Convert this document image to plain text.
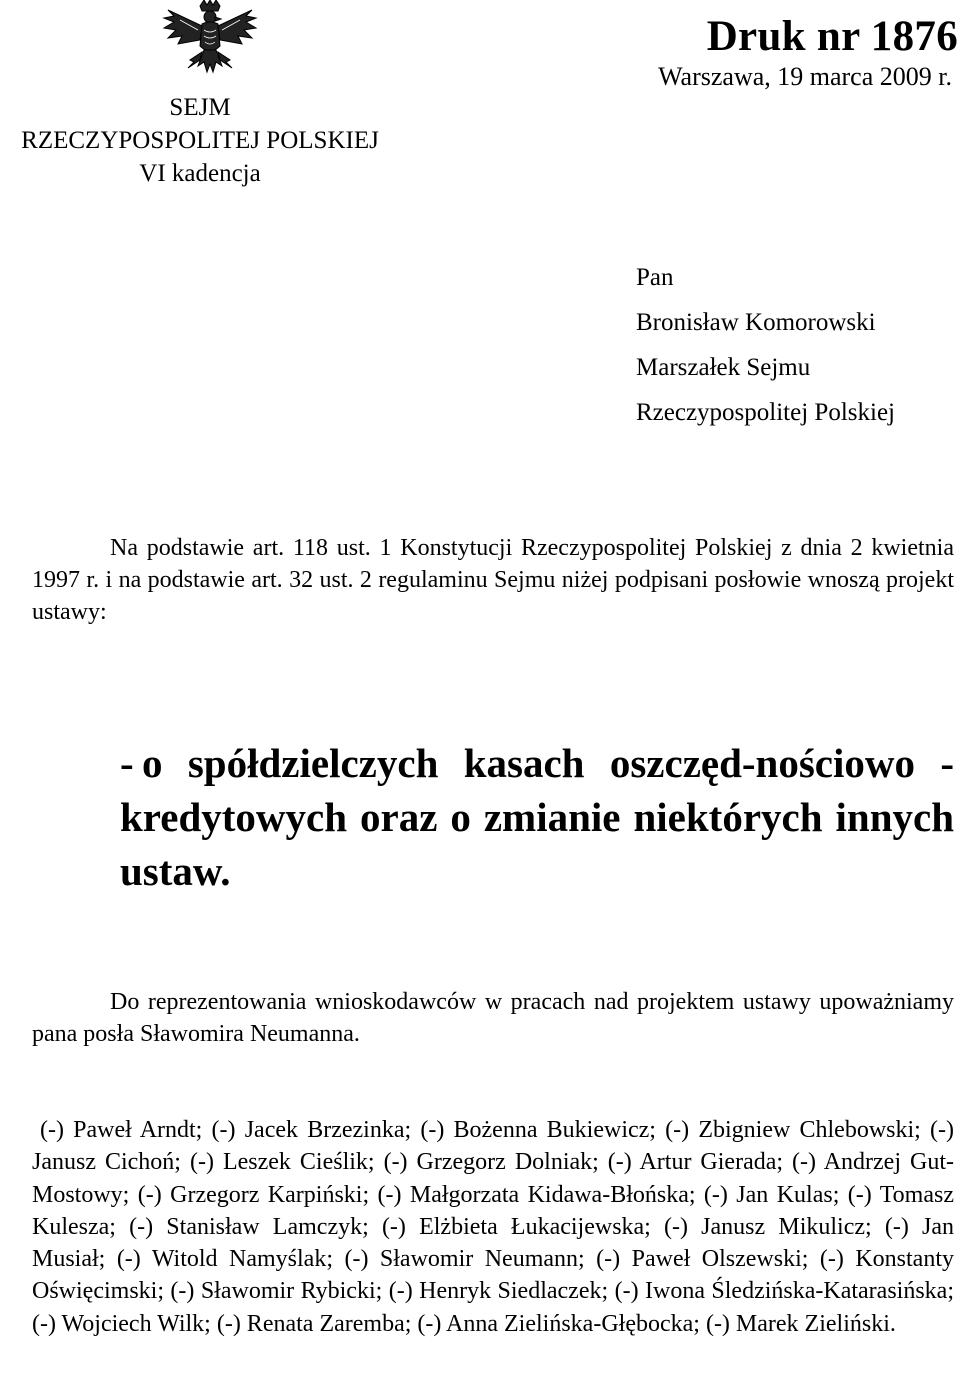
SEJM
RZECZYPOSPOLITEJ POLSKIEJ
VI kadencja
Druk nr 1876
Warszawa, 19 marca 2009 r.
Pan
Bronisław Komorowski
Marszałek Sejmu
Rzeczypospolitej Polskiej
Na podstawie art. 118 ust. 1 Konstytucji Rzeczypospolitej Polskiej z dnia 2 kwietnia 1997 r. i na podstawie art. 32 ust. 2 regulaminu Sejmu niżej podpisani posłowie wnoszą projekt ustawy:
- o spółdzielczych kasach oszczęd-nościowo - kredytowych oraz o zmianie niektórych innych ustaw.
Do reprezentowania wnioskodawców w pracach nad projektem ustawy upoważniamy pana posła Sławomira Neumanna.
(-) Paweł Arndt; (-) Jacek Brzezinka; (-) Bożenna Bukiewicz; (-) Zbigniew Chlebowski; (-) Janusz Cichoń; (-) Leszek Cieślik; (-) Grzegorz Dolniak; (-) Artur Gierada; (-) Andrzej Gut-Mostowy; (-) Grzegorz Karpiński; (-) Małgorzata Kidawa-Błońska; (-) Jan Kulas; (-) Tomasz Kulesza; (-) Stanisław Lamczyk; (-) Elżbieta Łukacijewska; (-) Janusz Mikulicz; (-) Jan Musiał; (-) Witold Namyślak; (-) Sławomir Neumann; (-) Paweł Olszewski; (-) Konstanty Oświęcimski; (-) Sławomir Rybicki; (-) Henryk Siedlaczek; (-) Iwona Śledzińska-Katarasińska; (-) Wojciech Wilk; (-) Renata Zaremba; (-) Anna Zielińska-Głębocka; (-) Marek Zieliński.
